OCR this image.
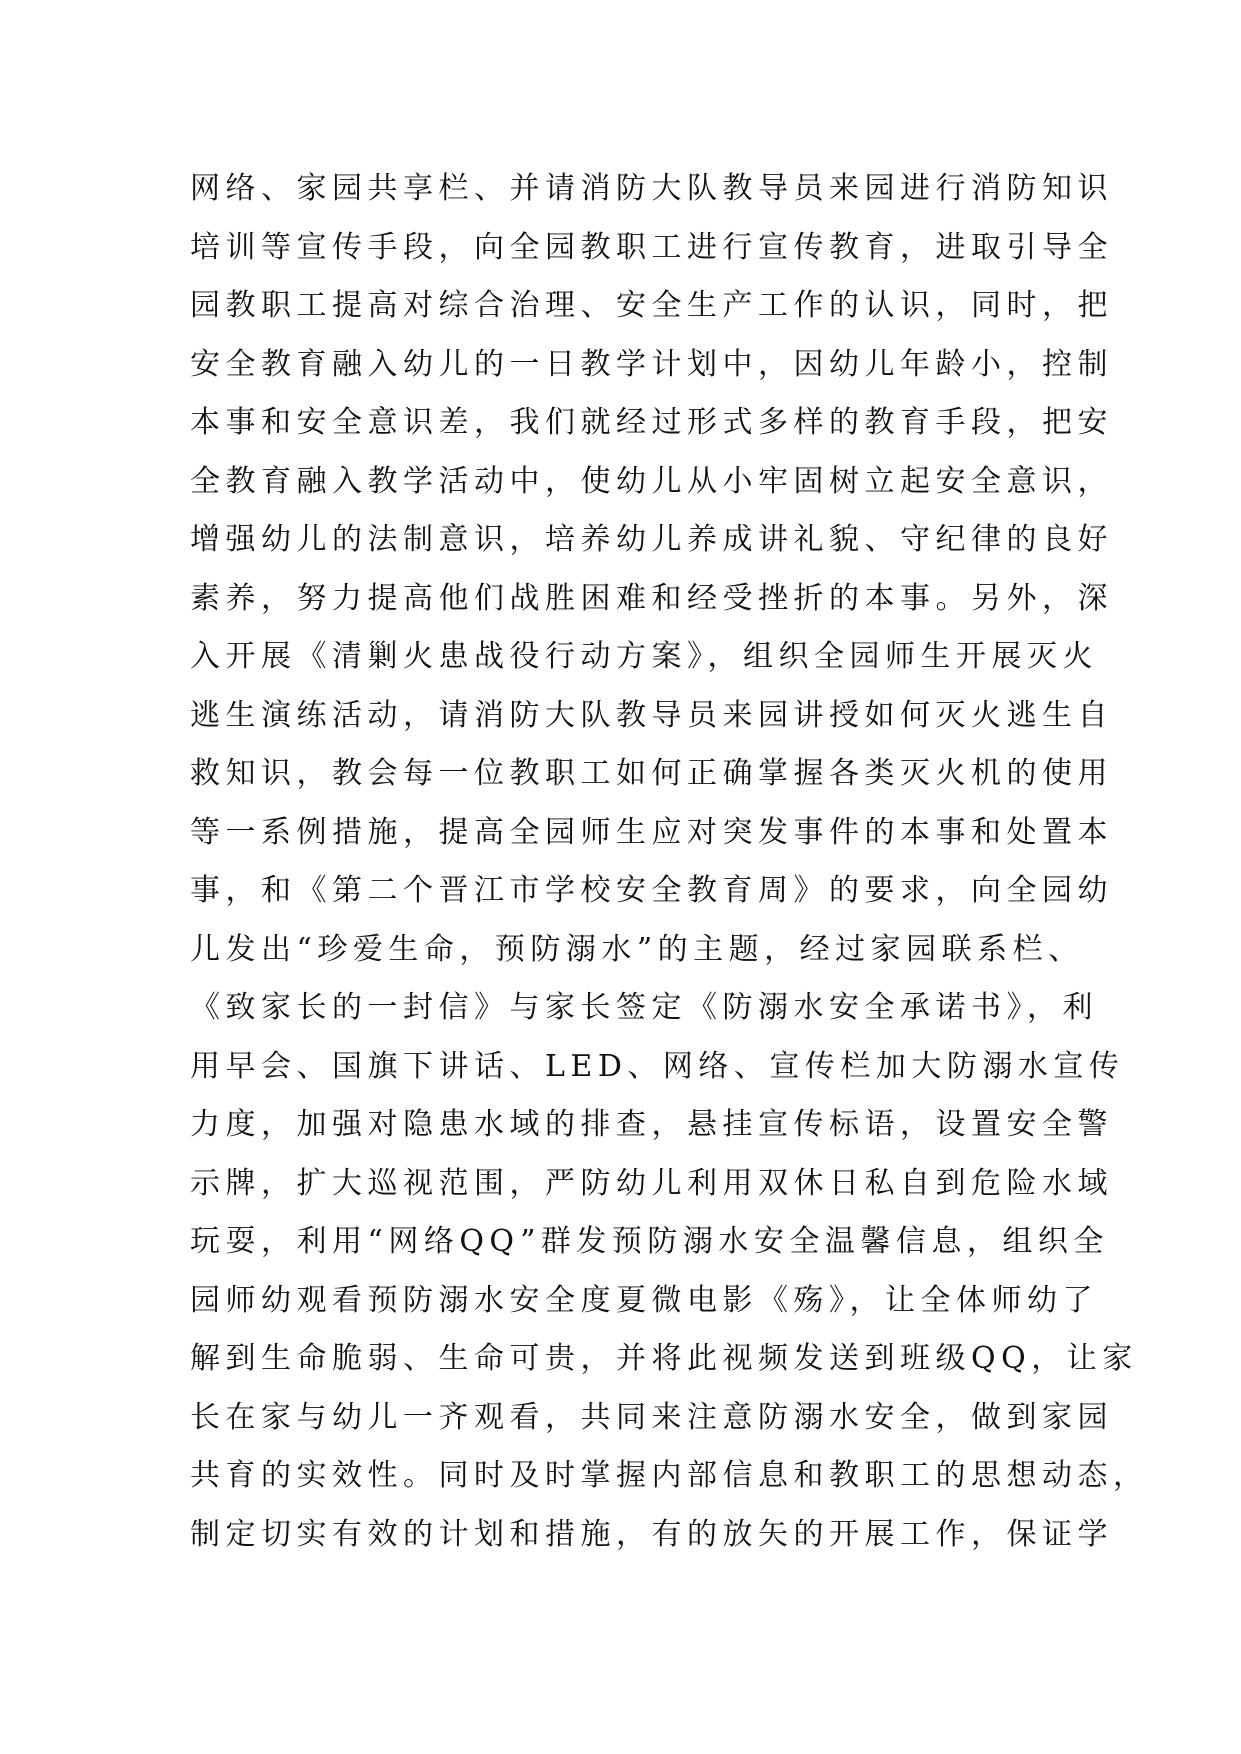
网络、家园共享栏、并请消防大队教导员来园进行消防知识
培训等宣传手段，向全园教职工进行宣传教育，进取引导全
园教职工提高对综合治理、安全生产工作的认识，同时，把
安全教育融入幼儿的一日教学计划中，因幼儿年龄小，控制
本事和安全意识差，我们就经过形式多样的教育手段，把安
全教育融入教学活动中，使幼儿从小牢固树立起安全意识，
增强幼儿的法制意识，培养幼儿养成讲礼貌、守纪律的良好
素养，努力提高他们战胜困难和经受挫折的本事。另外，深
入开展《清剿火患战役行动方案》，组织全园师生开展灭火
逃生演练活动，请消防大队教导员来园讲授如何灭火逃生自
救知识，教会每一位教职工如何正确掌握各类灭火机的使用
等一系例措施，提高全园师生应对突发事件的本事和处置本
事，和《第二个晋江市学校安全教育周》的要求，向全园幼
儿发出“珍爱生命，预防溺水”的主题，经过家园联系栏、
《致家长的一封信》与家长签定《防溺水安全承诺书》，利
用早会、国旗下讲话、LED、网络、宣传栏加大防溺水宣传
力度，加强对隐患水域的排查，悬挂宣传标语，设置安全警
示牌，扩大巡视范围，严防幼儿利用双休日私自到危险水域
玩耍，利用“网络QQ”群发预防溺水安全温馨信息，组织全
园师幼观看预防溺水安全度夏微电影《殇》，让全体师幼了
解到生命脆弱、生命可贵，并将此视频发送到班级QQ，让家
长在家与幼儿一齐观看，共同来注意防溺水安全，做到家园
共育的实效性。同时及时掌握内部信息和教职工的思想动态，
制定切实有效的计划和措施，有的放矢的开展工作，保证学
